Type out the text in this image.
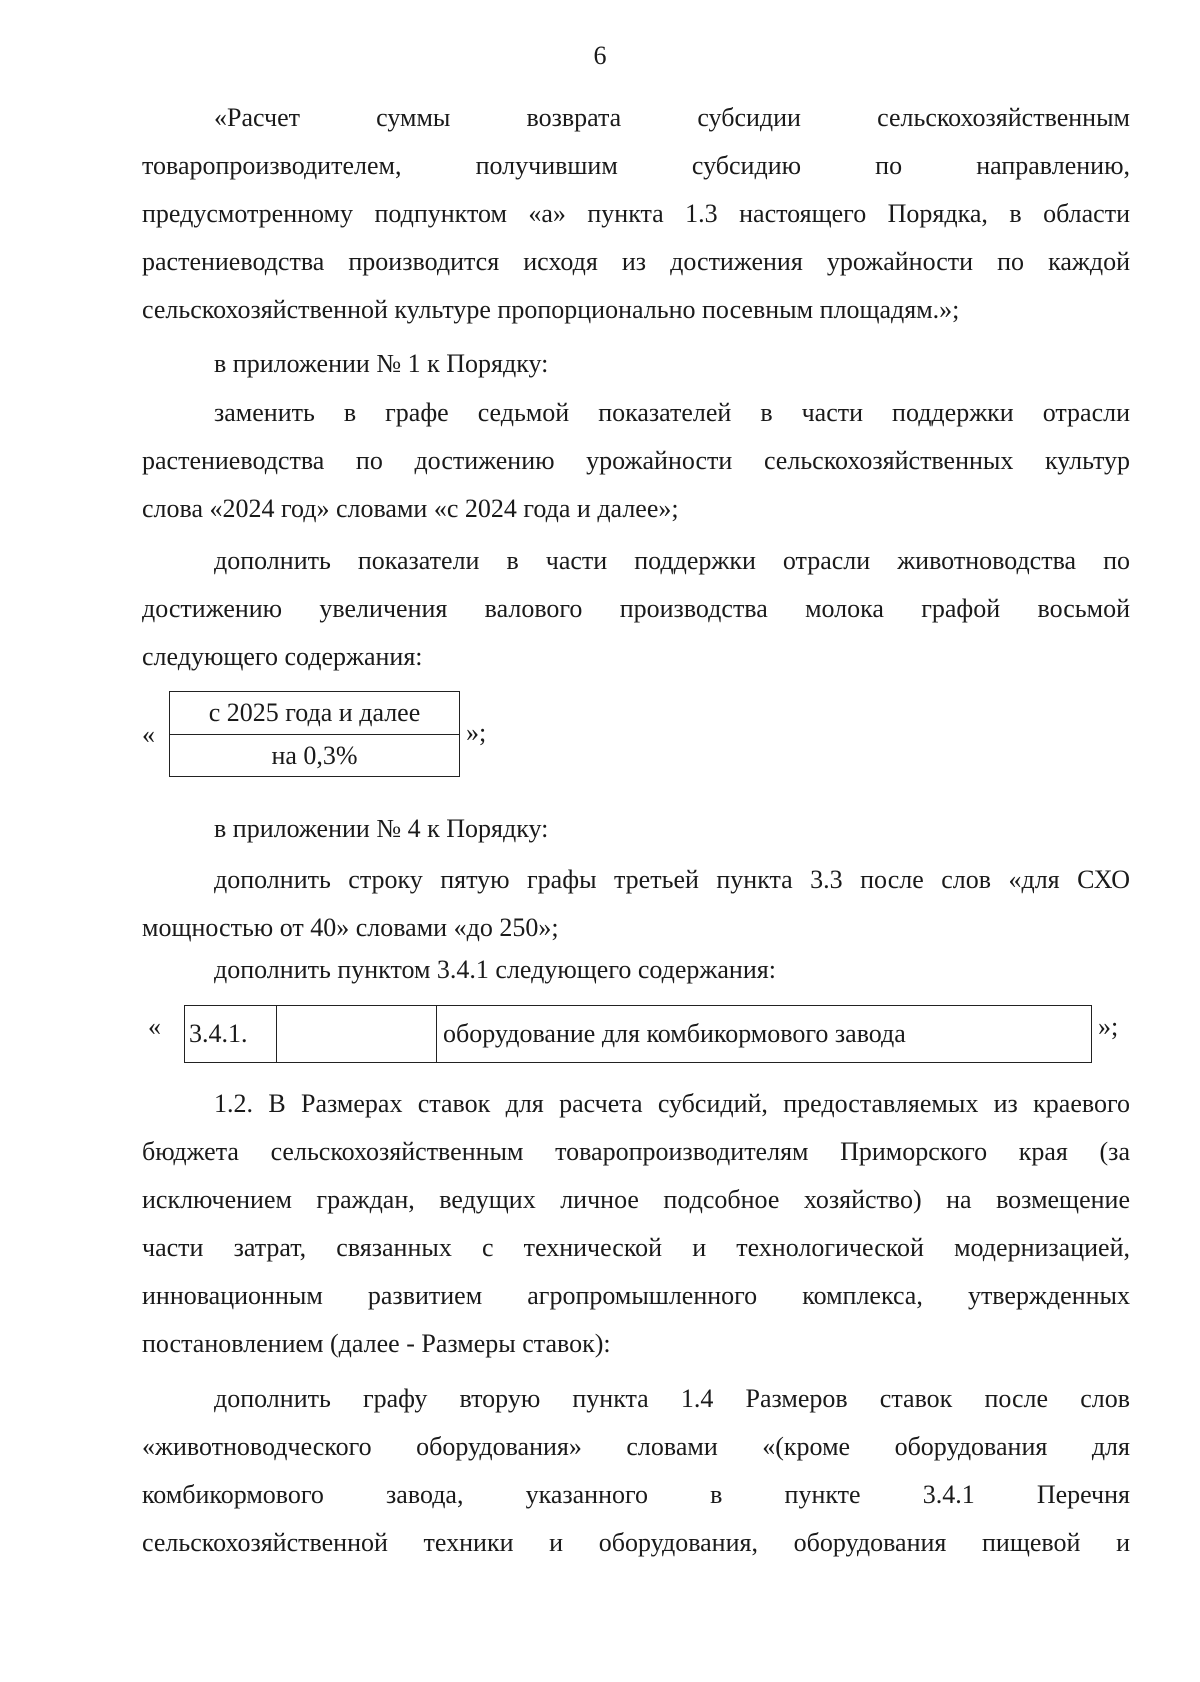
6
«Расчет суммы возврата субсидии сельскохозяйственным
товаропроизводителем, получившим субсидию по направлению,
предусмотренному подпунктом «а» пункта 1.3 настоящего Порядка, в области
растениеводства производится исходя из достижения урожайности по каждой
сельскохозяйственной культуре пропорционально посевным площадям.»;
в приложении № 1 к Порядку:
заменить в графе седьмой показателей в части поддержки отрасли
растениеводства по достижению урожайности сельскохозяйственных культур
слова «2024 год» словами «с 2024 года и далее»;
дополнить показатели в части поддержки отрасли животноводства по
достижению увеличения валового производства молока графой восьмой
следующего содержания:
«
с 2025 года и далее
на 0,3%
»;
в приложении № 4 к Порядку:
дополнить строку пятую графы третьей пункта 3.3 после слов «для СХО
мощностью от 40» словами «до 250»;
дополнить пунктом 3.4.1 следующего содержания:
« 3.4.1.	оборудование для комбикормового завода	»;
1.2. В Размерах ставок для расчета субсидий, предоставляемых из краевого
бюджета сельскохозяйственным товаропроизводителям Приморского края (за
исключением граждан, ведущих личное подсобное хозяйство) на возмещение
части затрат, связанных с технической и технологической модернизацией,
инновационным развитием агропромышленного комплекса, утвержденных
постановлением (далее - Размеры ставок):
дополнить графу вторую пункта 1.4 Размеров ставок после слов
«животноводческого оборудования» словами «(кроме оборудования для
комбикормового завода, указанного в пункте 3.4.1 Перечня
сельскохозяйственной техники и оборудования, оборудования пищевой и
